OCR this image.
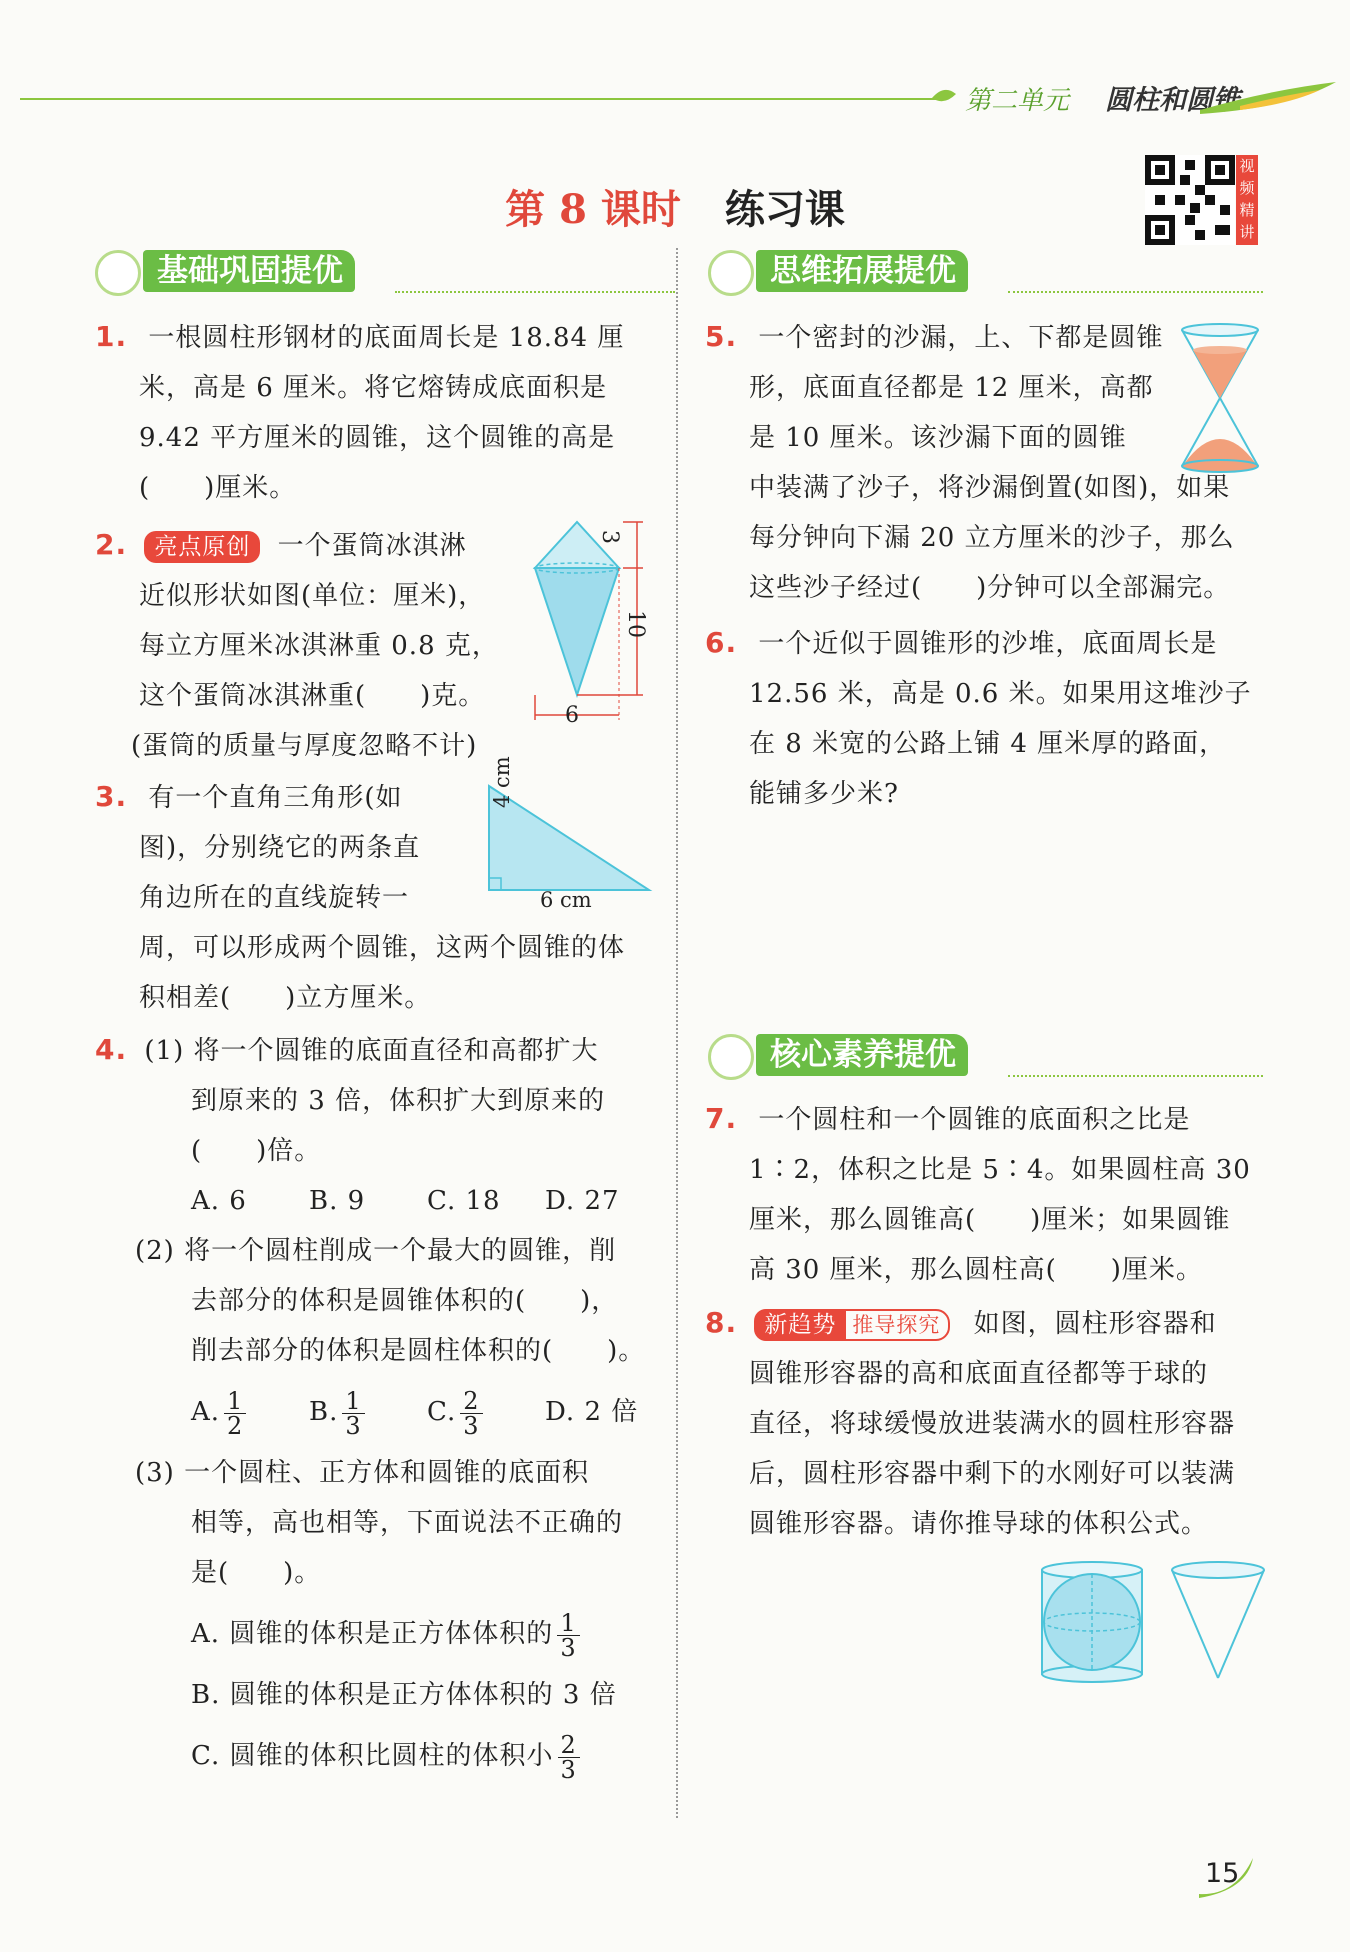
第二单元 圆柱和圆锥
第 8 课时 练习课
视频精讲
基础巩固提优	思维拓展提优
1. 一根圆柱形钢材的底面周长是 18.84 厘
米，高是 6 厘米。将它熔铸成底面积是
9.42 平方厘米的圆锥，这个圆锥的高是
(　　)厘米。
2. 亮点原创 一个蛋筒冰淇淋
近似形状如图(单位：厘米)，
每立方厘米冰淇淋重 0.8 克，
这个蛋筒冰淇淋重(　　)克。
(蛋筒的质量与厚度忽略不计)
3
10
6
3. 有一个直角三角形(如
图)，分别绕它的两条直
角边所在的直线旋转一
周，可以形成两个圆锥，这两个圆锥的体
积相差(　　)立方厘米。
4 cm
6 cm
4. (1) 将一个圆锥的底面直径和高都扩大
到原来的 3 倍，体积扩大到原来的
(　　)倍。
A. 6 B. 9 C. 18 D. 27
(2) 将一个圆柱削成一个最大的圆锥，削
去部分的体积是圆锥体积的(　　)，
削去部分的体积是圆柱体积的(　　)。
A. $\frac{1}{2} B$. $\frac{1}{3} C$. $\frac{2}{3} D$. 2 倍
(3) 一个圆柱、正方体和圆锥的底面积
相等，高也相等，下面说法不正确的
是(　　)。
A. 圆锥的体积是正方体体积的 $\frac{1}{3}$
B. 圆锥的体积是正方体体积的 3 倍
C. 圆锥的体积比圆柱的体积小 $\frac{2}{3}$
5. 一个密封的沙漏，上、下都是圆锥
形，底面直径都是 12 厘米，高都
是 10 厘米。该沙漏下面的圆锥
中装满了沙子，将沙漏倒置(如图)，如果
每分钟向下漏 20 立方厘米的沙子，那么
这些沙子经过(　　)分钟可以全部漏完。
6. 一个近似于圆锥形的沙堆，底面周长是
12.56 米，高是 0.6 米。如果用这堆沙子
在 8 米宽的公路上铺 4 厘米厚的路面，
能铺多少米?
核心素养提优
7. 一个圆柱和一个圆锥的底面积之比是
1∶2，体积之比是 5∶4。如果圆柱高 30
厘米，那么圆锥高(　　)厘米；如果圆锥
高 30 厘米，那么圆柱高(　　)厘米。
8. 新趋势 推导探究 如图，圆柱形容器和
圆锥形容器的高和底面直径都等于球的
直径，将球缓慢放进装满水的圆柱形容器
后，圆柱形容器中剩下的水刚好可以装满
圆锥形容器。请你推导球的体积公式。
15
